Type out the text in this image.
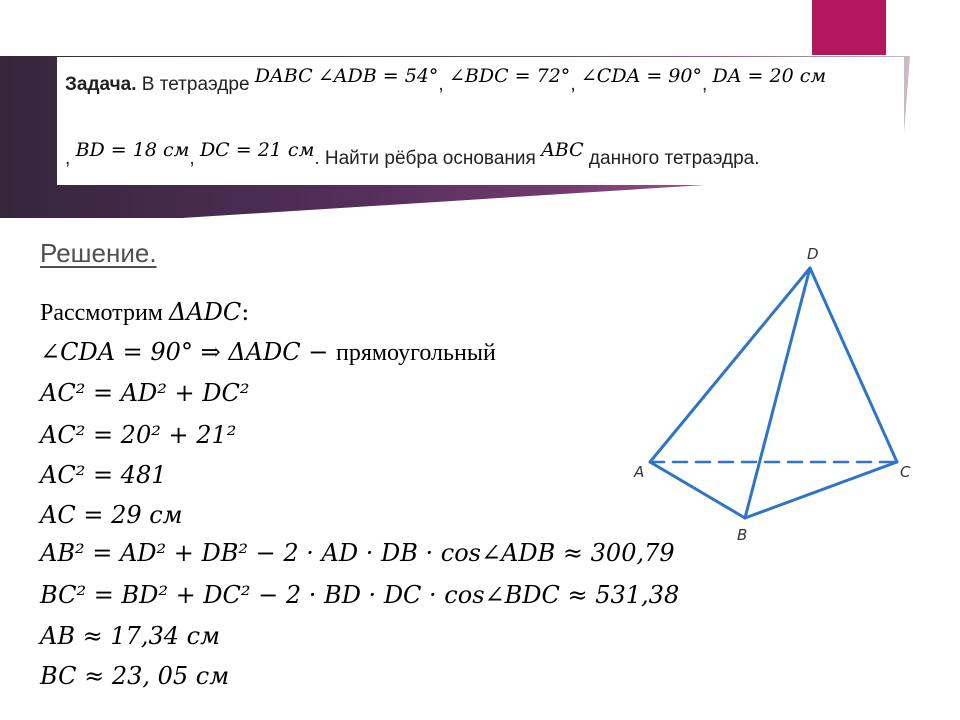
Задача. В тетраэдре DABC ∠ADB = 54°, ∠BDC = 72°, ∠CDA = 90°, DA = 20 см
, BD = 18 см, DC = 21 см. Найти рёбра основания ABC данного тетраэдра.
Решение.
Рассмотрим ΔADC:
∠CDA = 90° ⇒ ΔADC − прямоугольный
AC² = AD² + DC²
AC² = 20² + 21²
AC² = 481
AC = 29 см
AB² = AD² + DB² − 2 · AD · DB · cos∠ADB ≈ 300,79
BC² = BD² + DC² − 2 · BD · DC · cos∠BDC ≈ 531,38
AB ≈ 17,34 см
BC ≈ 23, 05 см
D
A
B
C
